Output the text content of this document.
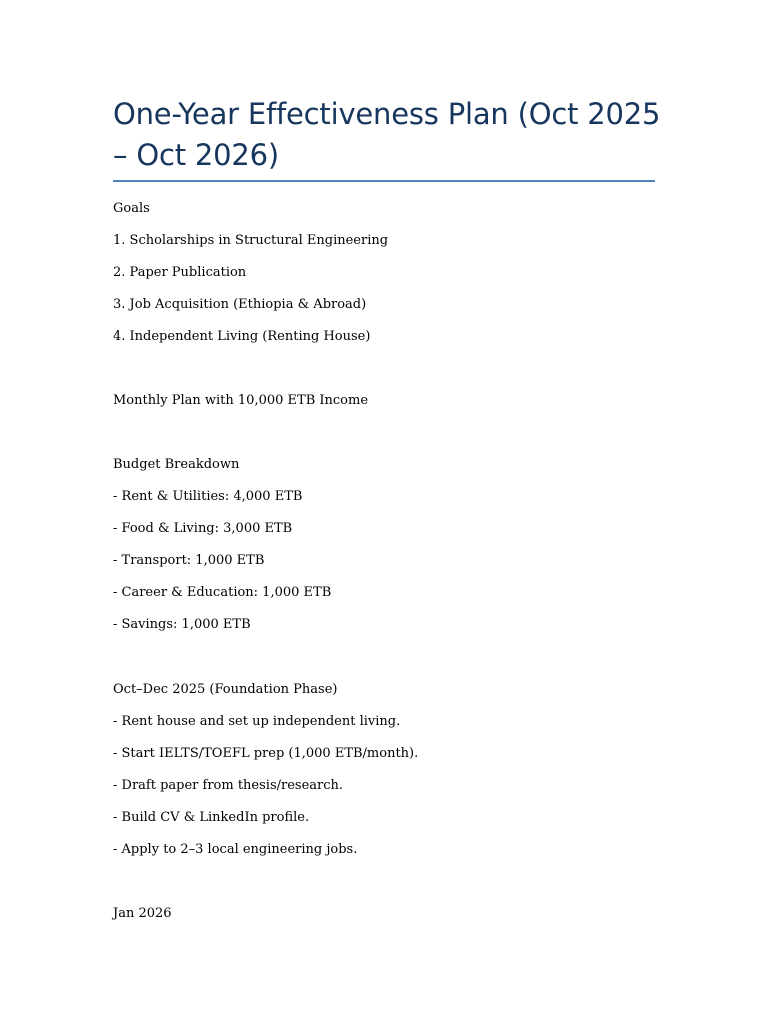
One-Year Effectiveness Plan (Oct 2025 – Oct 2026)

Goals

1. Scholarships in Structural Engineering

2. Paper Publication

3. Job Acquisition (Ethiopia & Abroad)

4. Independent Living (Renting House)

Monthly Plan with 10,000 ETB Income

Budget Breakdown

- Rent & Utilities: 4,000 ETB

- Food & Living: 3,000 ETB

- Transport: 1,000 ETB

- Career & Education: 1,000 ETB

- Savings: 1,000 ETB

Oct–Dec 2025 (Foundation Phase)

- Rent house and set up independent living.

- Start IELTS/TOEFL prep (1,000 ETB/month).

- Draft paper from thesis/research.

- Build CV & LinkedIn profile.

- Apply to 2–3 local engineering jobs.

Jan 2026
